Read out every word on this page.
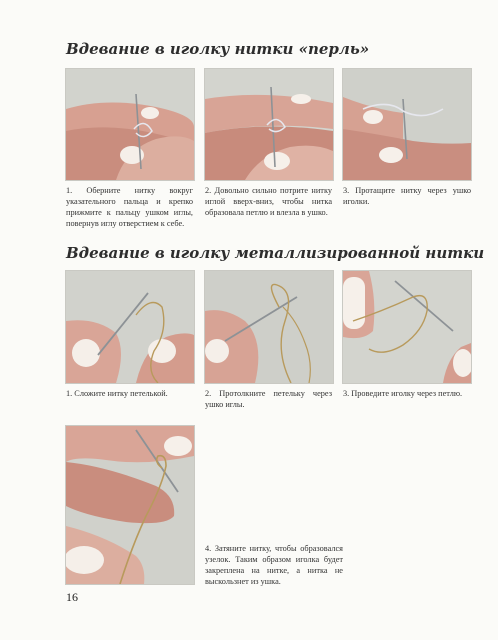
Вдевание в иголку нитки «перль»

1. Оберните нитку вокруг указательного пальца и крепко прижмите к пальцу ушком иглы, повернув иглу отверстием к себе.

2. Довольно сильно потрите нитку иглой вверх-вниз, чтобы нитка образовала петлю и влезла в ушко.

3. Протащите нитку через ушко иголки.

Вдевание в иголку металлизированной нитки

1. Сложите нитку петелькой.	2. Протолкните петельку через ушко иглы.

3. Проведите иголку через петлю.

4. Затяните нитку, чтобы образовался узелок. Таким образом иголка будет закреплена на нитке, а нитка не выскользнет из ушка.

16
